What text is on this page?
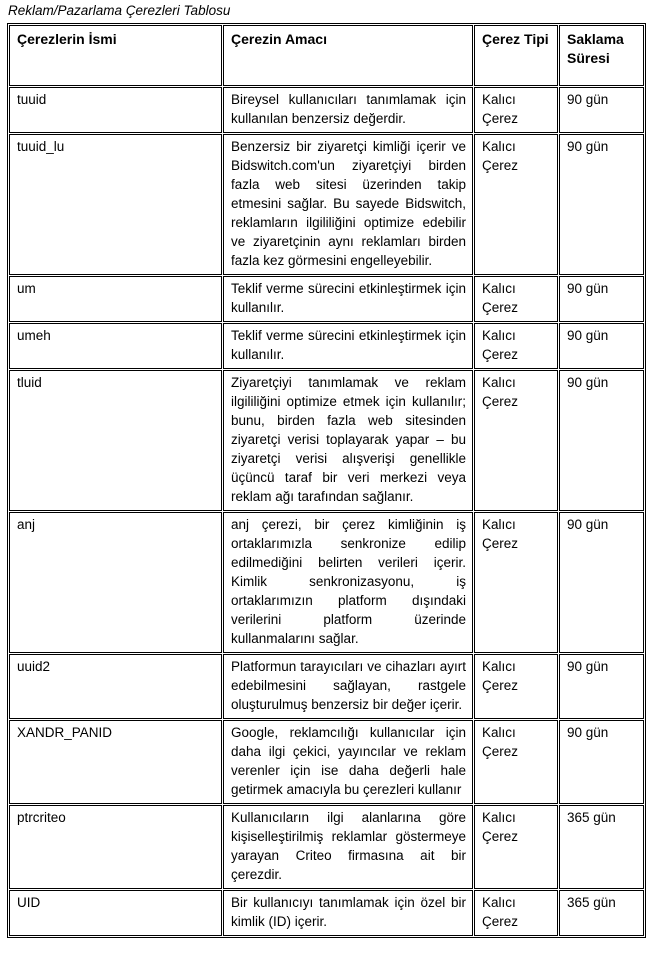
Reklam/Pazarlama Çerezleri Tablosu
Çerezlerin İsmi	Çerezin Amacı	Çerez Tipi	Saklama Süresi
tuuid	Bireysel kullanıcıları tanımlamak için kullanılan benzersiz değerdir.	Kalıcı Çerez	90 gün
tuuid_lu	Benzersiz bir ziyaretçi kimliği içerir ve Bidswitch.com'un ziyaretçiyi birden fazla web sitesi üzerinden takip etmesini sağlar. Bu sayede Bidswitch, reklamların ilgililiğini optimize edebilir ve ziyaretçinin aynı reklamları birden fazla kez görmesini engelleyebilir.	Kalıcı Çerez	90 gün
um	Teklif verme sürecini etkinleştirmek için kullanılır.	Kalıcı Çerez	90 gün
umeh	Teklif verme sürecini etkinleştirmek için kullanılır.	Kalıcı Çerez	90 gün
tluid	Ziyaretçiyi tanımlamak ve reklam ilgililiğini optimize etmek için kullanılır; bunu, birden fazla web sitesinden ziyaretçi verisi toplayarak yapar – bu ziyaretçi verisi alışverişi genellikle üçüncü taraf bir veri merkezi veya reklam ağı tarafından sağlanır.	Kalıcı Çerez	90 gün
anj	anj çerezi, bir çerez kimliğinin iş ortaklarımızla senkronize edilip edilmediğini belirten verileri içerir. Kimlik senkronizasyonu, iş ortaklarımızın platform dışındaki verilerini platform üzerinde kullanmalarını sağlar.	Kalıcı Çerez	90 gün
uuid2	Platformun tarayıcıları ve cihazları ayırt edebilmesini sağlayan, rastgele oluşturulmuş benzersiz bir değer içerir.	Kalıcı Çerez	90 gün
XANDR_PANID	Google, reklamcılığı kullanıcılar için daha ilgi çekici, yayıncılar ve reklam verenler için ise daha değerli hale getirmek amacıyla bu çerezleri kullanır	Kalıcı Çerez	90 gün
ptrcriteo	Kullanıcıların ilgi alanlarına göre kişiselleştirilmiş reklamlar göstermeye yarayan Criteo firmasına ait bir çerezdir.	Kalıcı Çerez	365 gün
UID	Bir kullanıcıyı tanımlamak için özel bir kimlik (ID) içerir.	Kalıcı Çerez	365 gün
